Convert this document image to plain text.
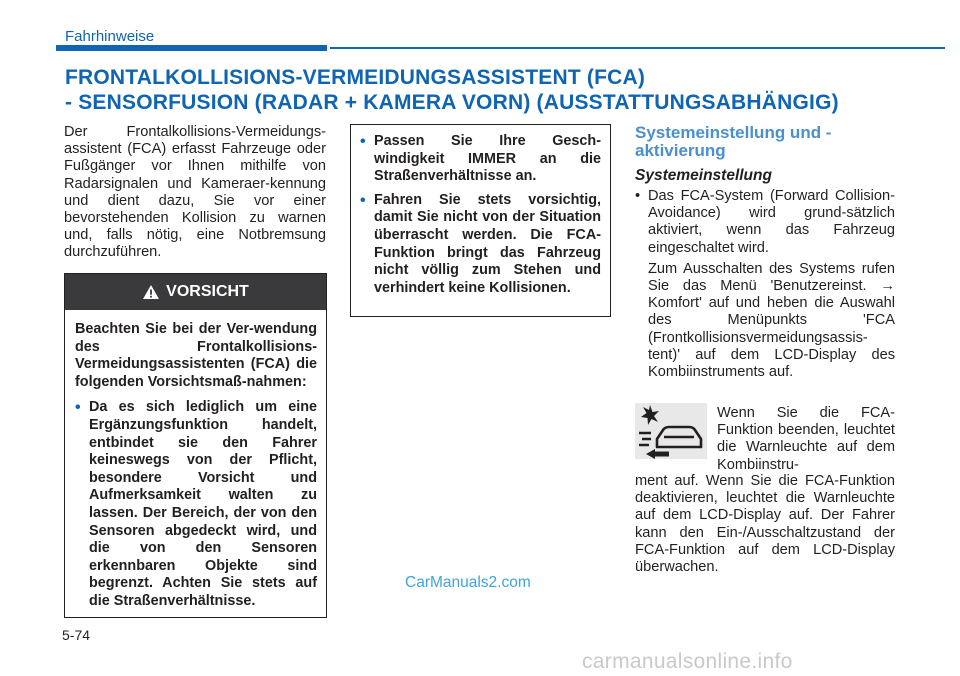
Fahrhinweise
FRONTALKOLLISIONS-VERMEIDUNGSASSISTENT (FCA)
- SENSORFUSION (RADAR + KAMERA VORN) (AUSSTATTUNGSABHÄNGIG)

Der Frontalkollisions-Vermeidungs-assistent (FCA) erfasst Fahrzeuge oder Fußgänger vor Ihnen mithilfe von Radarsignalen und Kameraer-kennung und dient dazu, Sie vor einer bevorstehenden Kollision zu warnen und, falls nötig, eine Notbremsung durchzuführen.

VORSICHT

Beachten Sie bei der Ver-wendung des Frontalkollisions-Vermeidungsassistenten (FCA) die folgenden Vorsichtsmaß-nahmen:

• Da es sich lediglich um eine Ergänzungsfunktion handelt, entbindet sie den Fahrer keineswegs von der Pflicht, besondere Vorsicht und Aufmerksamkeit walten zu lassen. Der Bereich, der von den Sensoren abgedeckt wird, und die von den Sensoren erkennbaren Objekte sind begrenzt. Achten Sie stets auf die Straßenverhältnisse.
• Passen Sie Ihre Gesch-windigkeit IMMER an die Straßenverhältnisse an.
• Fahren Sie stets vorsichtig, damit Sie nicht von der Situation überrascht werden. Die FCA-Funktion bringt das Fahrzeug nicht völlig zum Stehen und verhindert keine Kollisionen.
Systemeinstellung und -aktivierung
Systemeinstellung
• Das FCA-System (Forward Collision-Avoidance) wird grund-sätzlich aktiviert, wenn das Fahrzeug eingeschaltet wird.
Zum Ausschalten des Systems rufen Sie das Menü 'Benutzereinst. → Komfort' auf und heben die Auswahl des Menüpunkts 'FCA (Frontkollisionsvermeidungsassis-tent)' auf dem LCD-Display des Kombiinstruments auf.
Wenn Sie die FCA-Funktion beenden, leuchtet die Warnleuchte auf dem Kombiinstru-
ment auf. Wenn Sie die FCA-Funktion deaktivieren, leuchtet die Warnleuchte auf dem LCD-Display auf. Der Fahrer kann den Ein-/Ausschaltzustand der FCA-Funktion auf dem LCD-Display überwachen.
5-74
CarManuals2.com
carmanualsonline.info
